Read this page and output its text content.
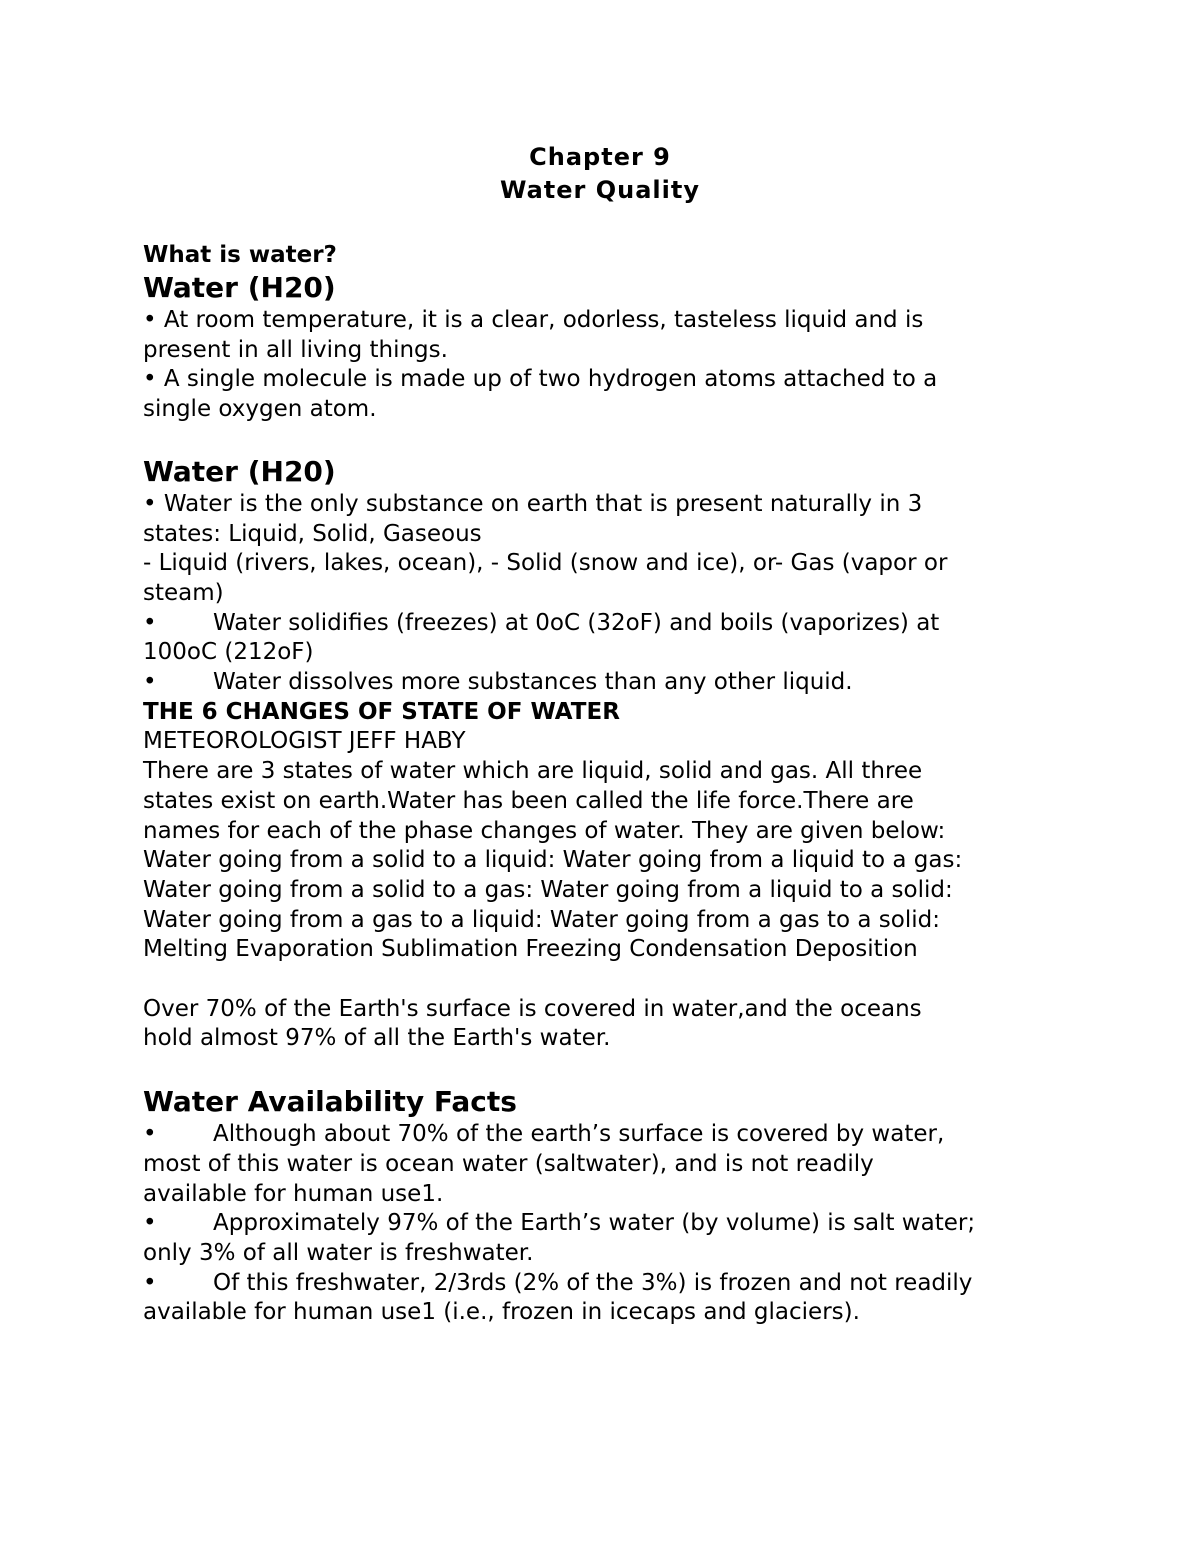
Chapter 9
Water Quality
What is water?
Water (H20)
• At room temperature, it is a clear, odorless, tasteless liquid and is
present in all living things.
• A single molecule is made up of two hydrogen atoms attached to a
single oxygen atom.
Water (H20)
• Water is the only substance on earth that is present naturally in 3
states: Liquid, Solid, Gaseous
- Liquid (rivers, lakes, ocean), - Solid (snow and ice), or- Gas (vapor or
steam)
• Water solidifies (freezes) at 0oC (32oF) and boils (vaporizes) at
100oC (212oF)
• Water dissolves more substances than any other liquid.
THE 6 CHANGES OF STATE OF WATER
METEOROLOGIST JEFF HABY
There are 3 states of water which are liquid, solid and gas. All three
states exist on earth.Water has been called the life force.There are
names for each of the phase changes of water. They are given below:
Water going from a solid to a liquid: Water going from a liquid to a gas:
Water going from a solid to a gas: Water going from a liquid to a solid:
Water going from a gas to a liquid: Water going from a gas to a solid:
Melting Evaporation Sublimation Freezing Condensation Deposition
Over 70% of the Earth's surface is covered in water,and the oceans
hold almost 97% of all the Earth's water.
Water Availability Facts
• Although about 70% of the earth’s surface is covered by water,
most of this water is ocean water (saltwater), and is not readily
available for human use1.
• Approximately 97% of the Earth’s water (by volume) is salt water;
only 3% of all water is freshwater.
• Of this freshwater, 2/3rds (2% of the 3%) is frozen and not readily
available for human use1 (i.e., frozen in icecaps and glaciers).
